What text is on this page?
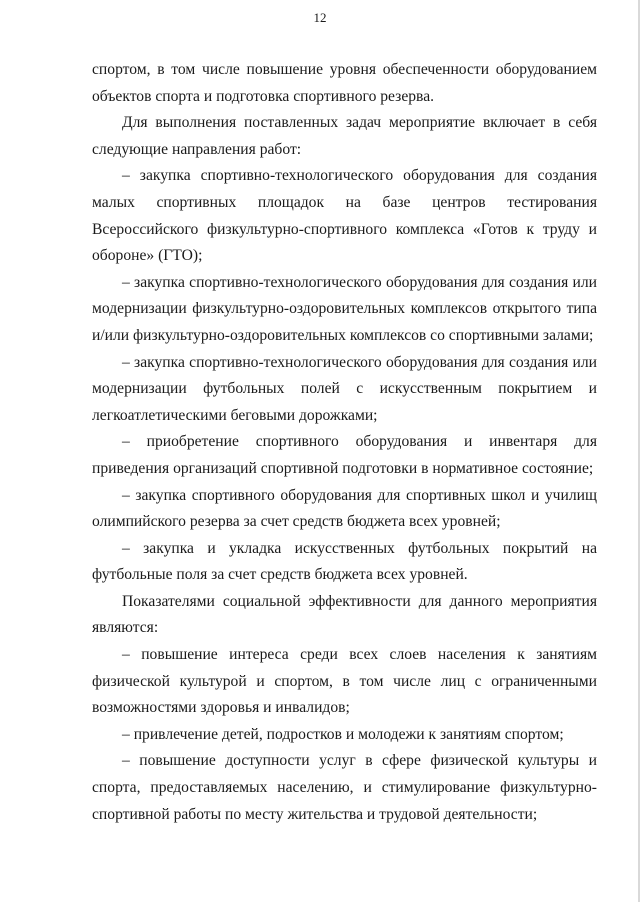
12

спортом, в том числе повышение уровня обеспеченности оборудованием объектов спорта и подготовка спортивного резерва.

Для выполнения поставленных задач мероприятие включает в себя следующие направления работ:

– закупка спортивно-технологического оборудования для создания малых спортивных площадок на базе центров тестирования Всероссийского физкультурно-спортивного комплекса «Готов к труду и обороне» (ГТО);

– закупка спортивно-технологического оборудования для создания или модернизации физкультурно-оздоровительных комплексов открытого типа и/или физкультурно-оздоровительных комплексов со спортивными залами;

– закупка спортивно-технологического оборудования для создания или модернизации футбольных полей с искусственным покрытием и легкоатлетическими беговыми дорожками;

– приобретение спортивного оборудования и инвентаря для приведения организаций спортивной подготовки в нормативное состояние;

– закупка спортивного оборудования для спортивных школ и училищ олимпийского резерва за счет средств бюджета всех уровней;

– закупка и укладка искусственных футбольных покрытий на футбольные поля за счет средств бюджета всех уровней.

Показателями социальной эффективности для данного мероприятия являются:

– повышение интереса среди всех слоев населения к занятиям физической культурой и спортом, в том числе лиц с ограниченными возможностями здоровья и инвалидов;

– привлечение детей, подростков и молодежи к занятиям спортом;

– повышение доступности услуг в сфере физической культуры и спорта, предоставляемых населению, и стимулирование физкультурно-спортивной работы по месту жительства и трудовой деятельности;
